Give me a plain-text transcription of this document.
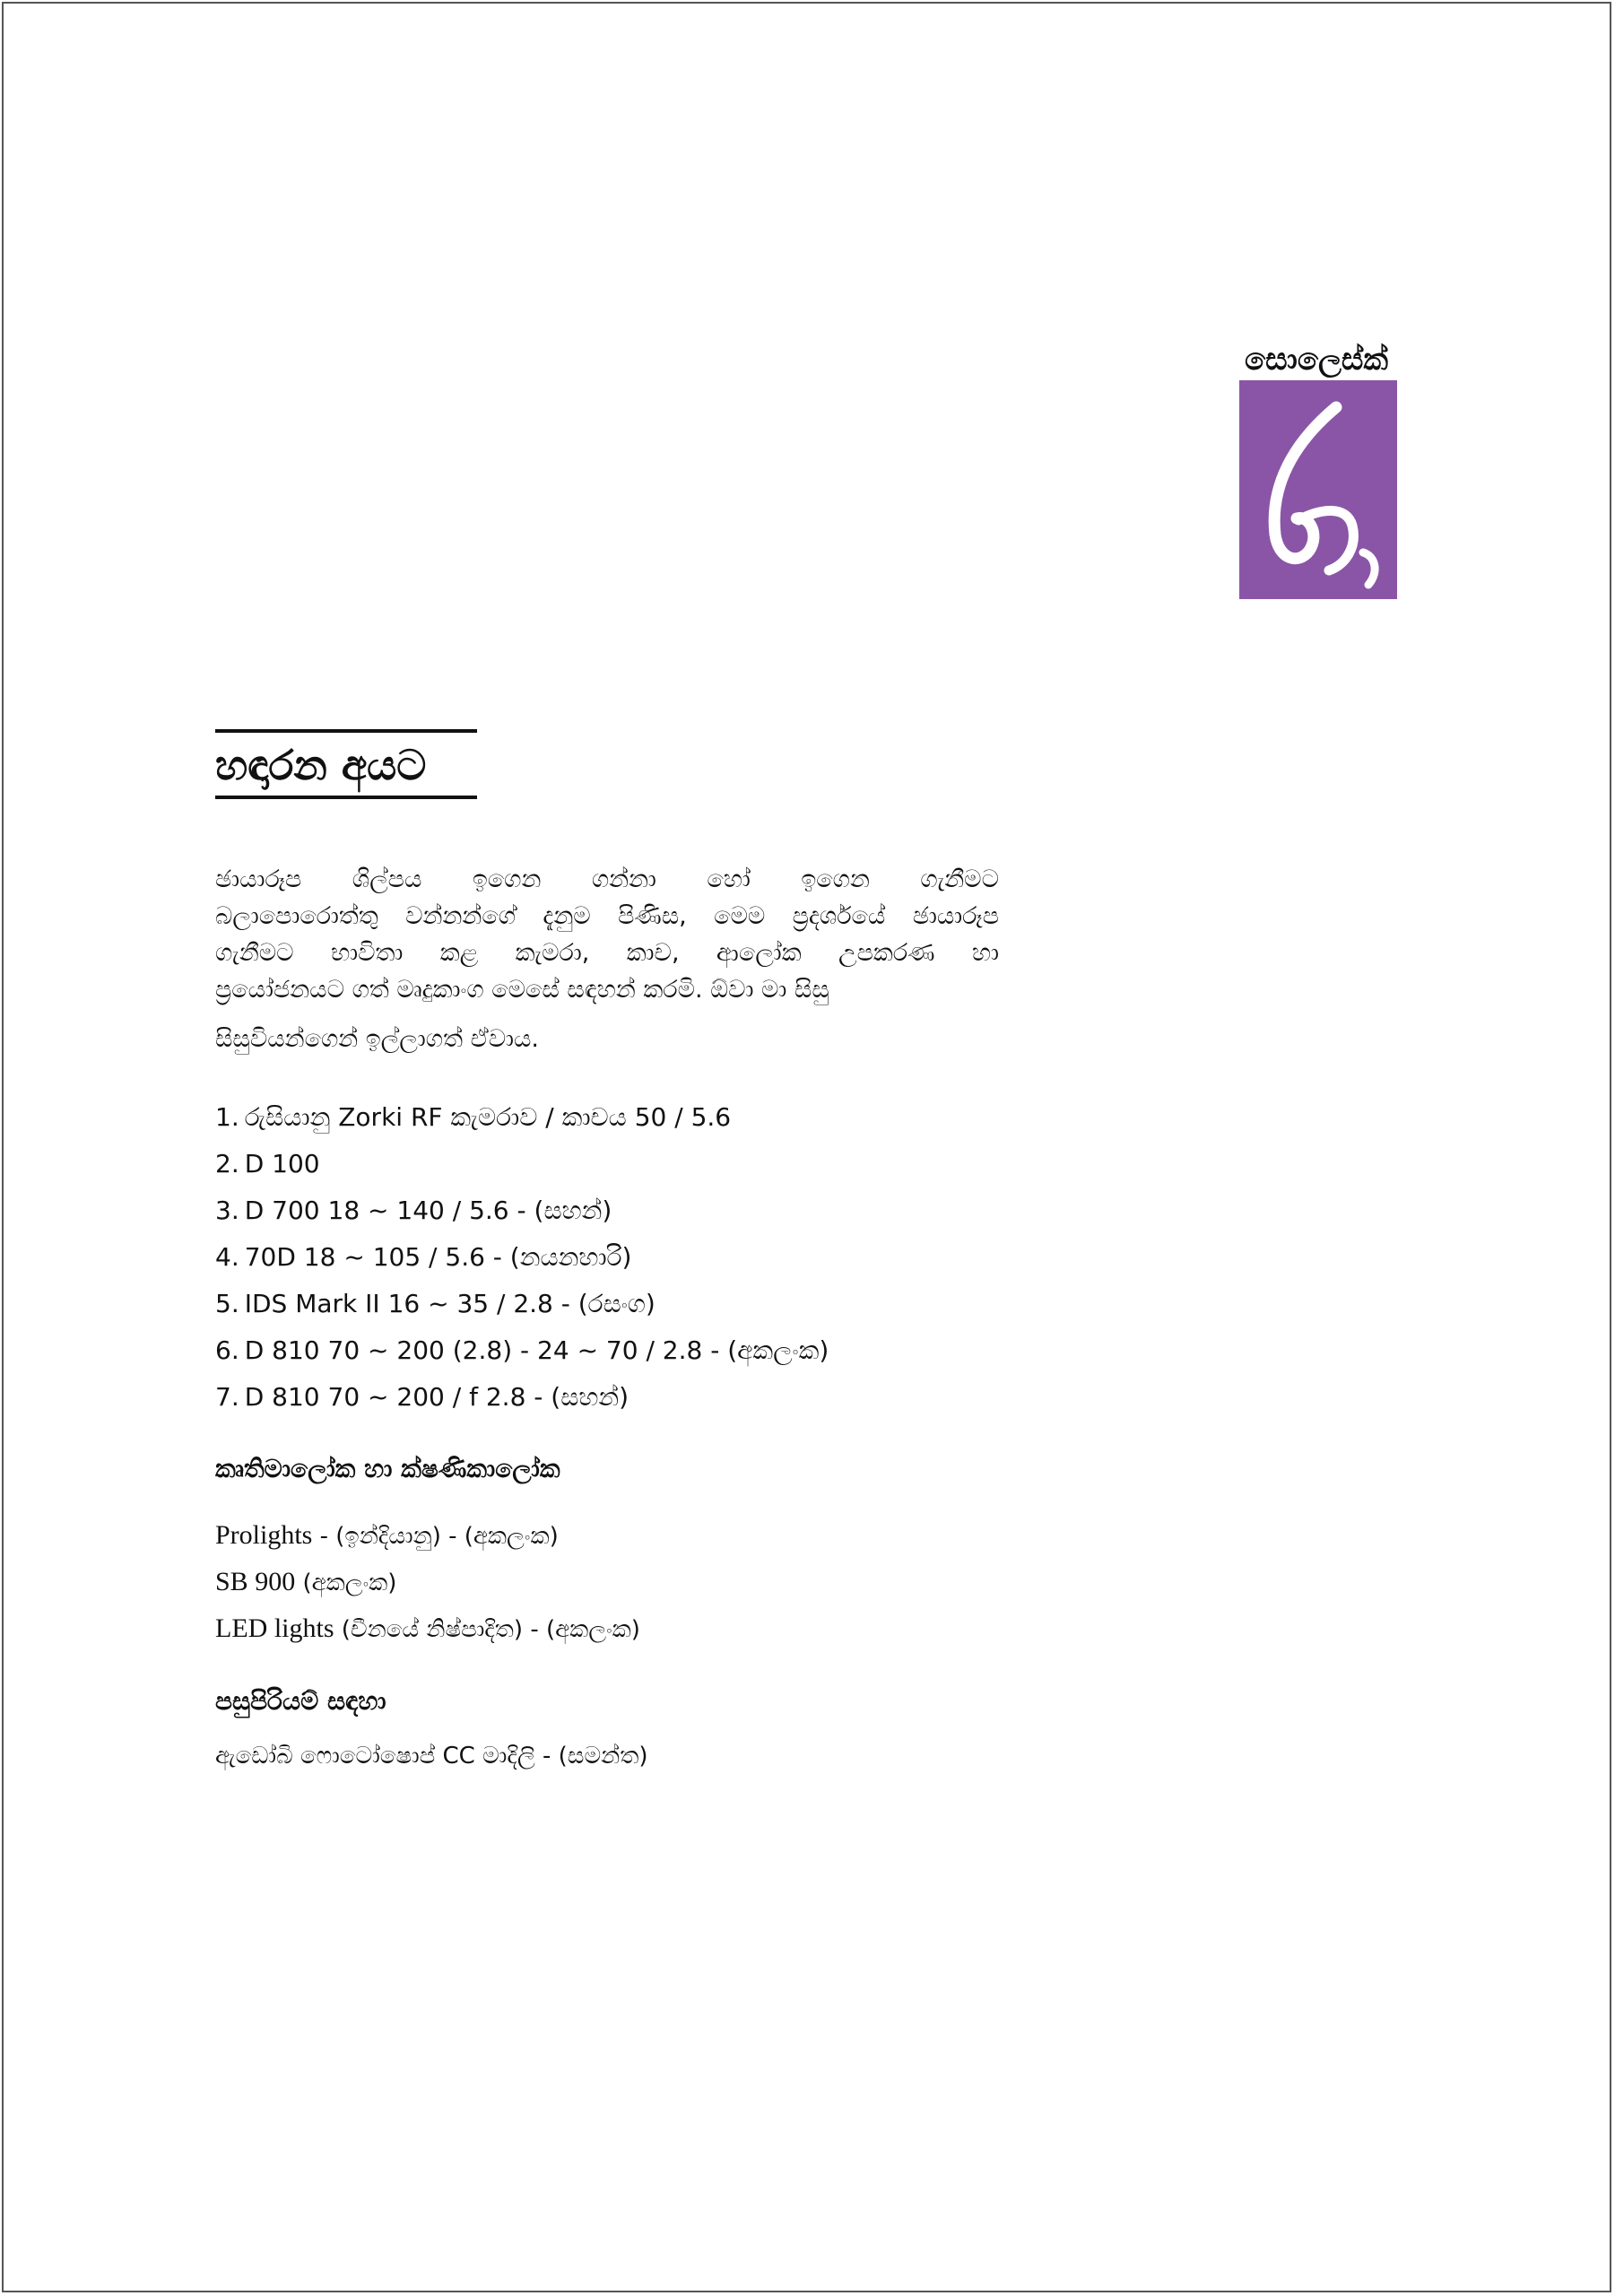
සොලෙස්ක්
හඳාරන අයට
ඡායාරූප ශිල්පය ඉගෙන ගන්නා හෝ ඉගෙන ගැනීමට
බලාපොරොත්තු වන්නන්ගේ දැනුම පිණිස, මෙම ප්‍රදර්ශයේ ඡායාරූප
ගැනීමට භාවිතා කළ කැමරා, කාච, ආලෝක උපකරණ හා
ප්‍රයෝජනයට ගත් මෘදුකාංග මෙසේ සඳහන් කරමි. ඕවා මා සිසු
සිසුවියන්ගෙන් ඉල්ලාගත් ඒවාය.
1. රුසියානු Zorki RF කැමරාව / කාචය 50 / 5.6
2. D 100
3. D 700 18 ~ 140 / 5.6 - (සහන්)
4. 70D 18 ~ 105 / 5.6 - (නයනහාරි)
5. IDS Mark II 16 ~ 35 / 2.8 - (රසංග)
6. D 810 70 ~ 200 (2.8) - 24 ~ 70 / 2.8 - (අකලංක)
7. D 810 70 ~ 200 / f 2.8 - (සහන්)
කෘතිමාලෝක හා ක්ෂණිකාලෝක
Prolights - (ඉන්දියානු) - (අකලංක)
SB 900 (අකලංක)
LED lights (චීනයේ නිෂ්පාදිත) - (අකලංක)
පසුපිරියම් සඳහා
ඇඩෝබි ෆොටෝෂොප් CC මාදිලි - (සමන්ත)
